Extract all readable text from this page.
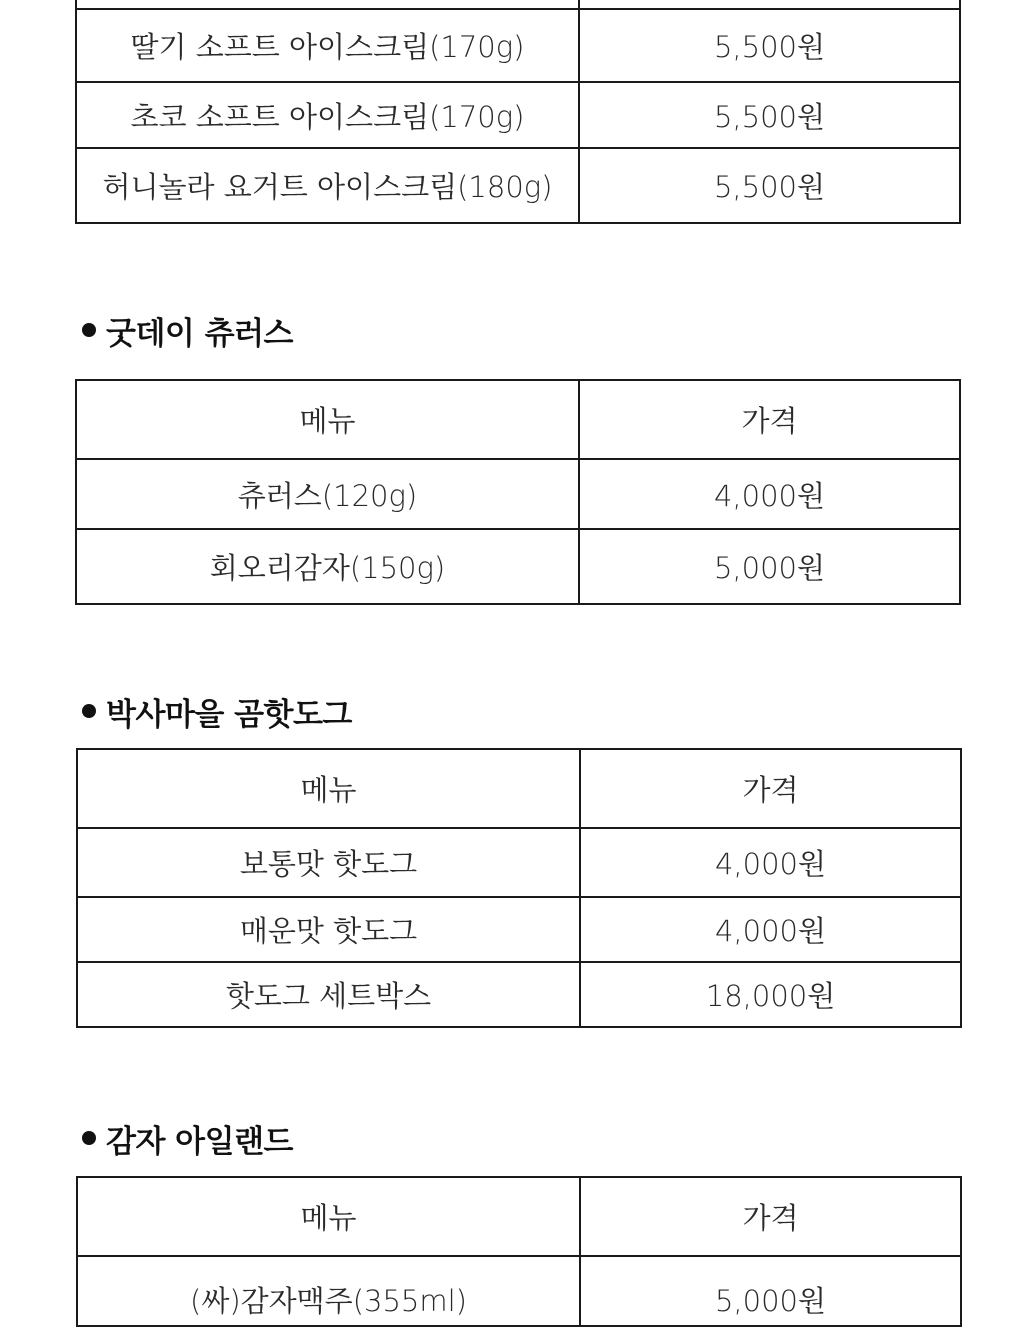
딸기 소프트 아이스크림(170g)	5,500원
초코 소프트 아이스크림(170g)	5,500원
허니놀라 요거트 아이스크림(180g)	5,500원
굿데이 츄러스
메뉴	가격
츄러스(120g)	4,000원
회오리감자(150g)	5,000원
박사마을 곰핫도그
메뉴	가격
보통맛 핫도그	4,000원
매운맛 핫도그	4,000원
핫도그 세트박스	18,000원
감자 아일랜드
메뉴	가격
(싸)감자맥주(355ml)	5,000원
